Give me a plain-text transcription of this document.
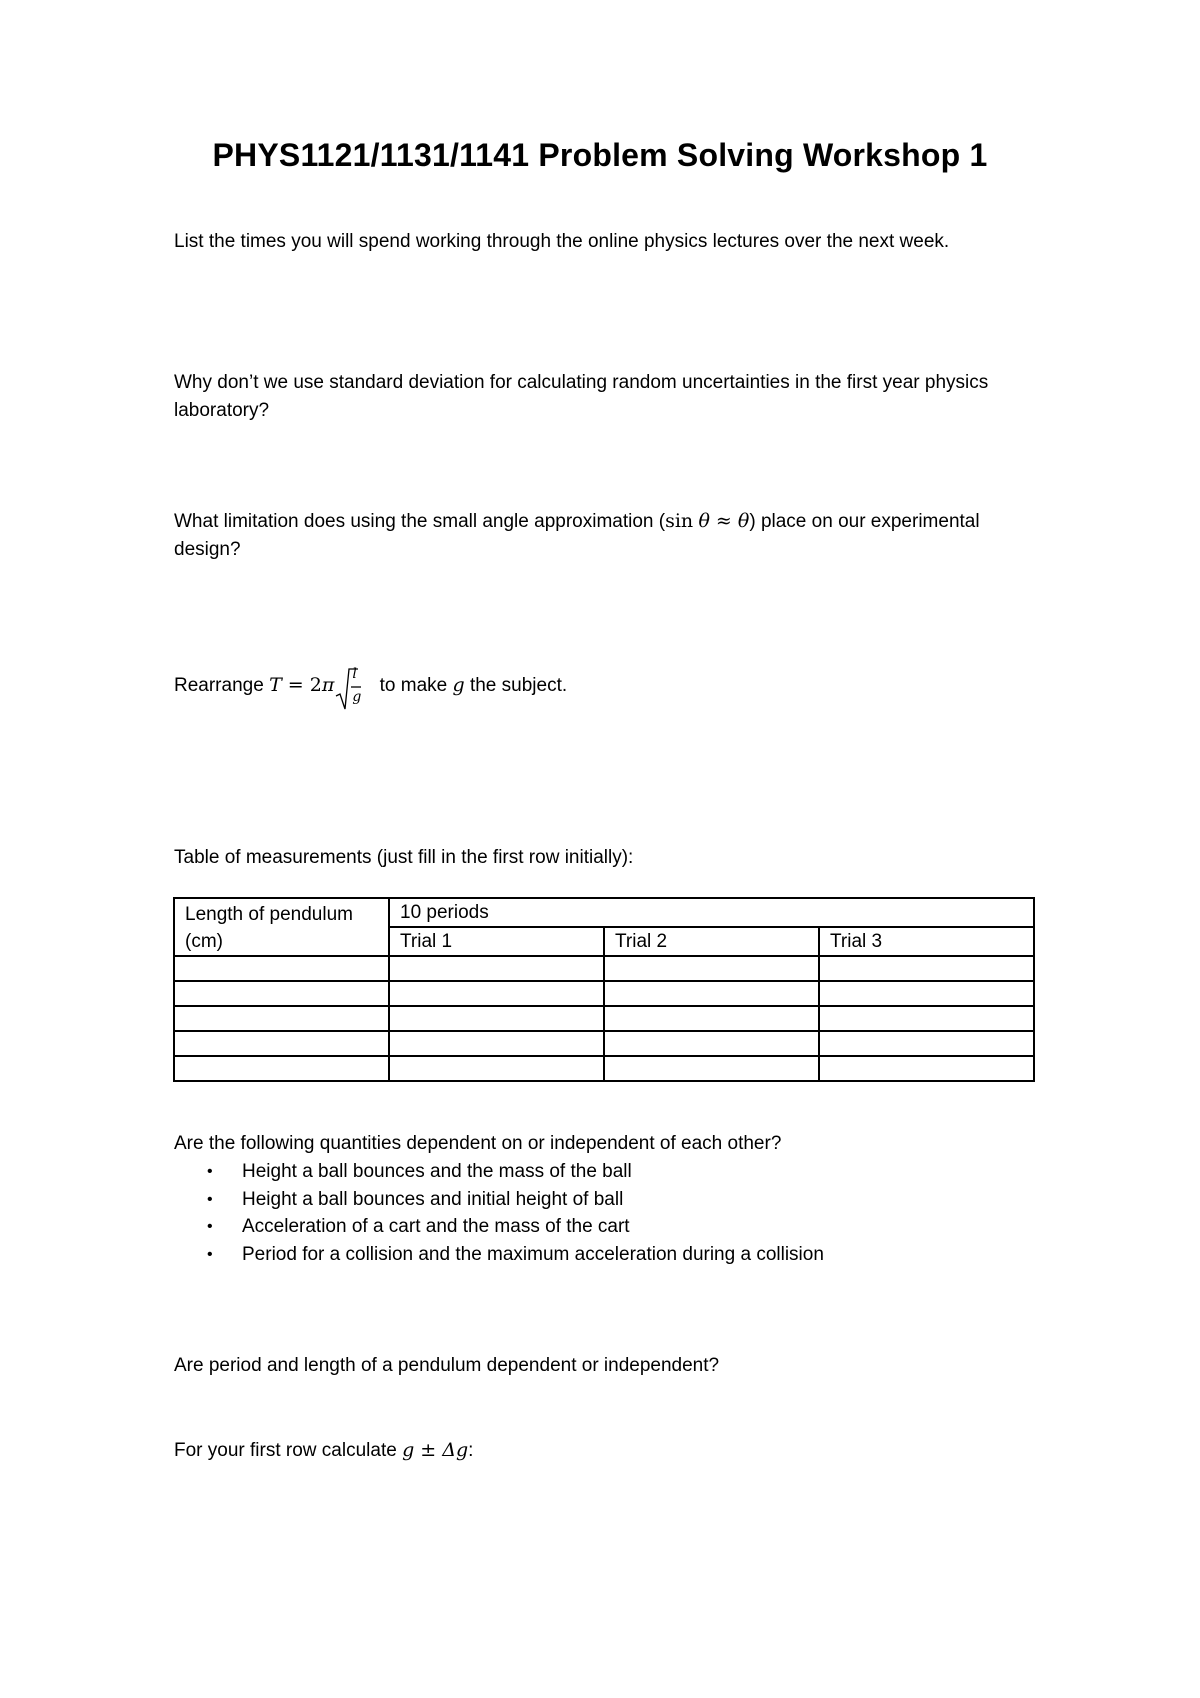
PHYS1121/1131/1141 Problem Solving Workshop 1
List the times you will spend working through the online physics lectures over the next week.
Why don’t we use standard deviation for calculating random uncertainties in the first year physics laboratory?
What limitation does using the small angle approximation (sin θ ≈ θ) place on our experimental design?
Rearrange T = 2π l
g
to make g the subject.
Table of measurements (just fill in the first row initially):
Length of pendulum (cm)	10 periods		
	Trial 1	Trial 2	Trial 3

Are the following quantities dependent on or independent of each other?
• Height a ball bounces and the mass of the ball
• Height a ball bounces and initial height of ball
• Acceleration of a cart and the mass of the cart
• Period for a collision and the maximum acceleration during a collision
Are period and length of a pendulum dependent or independent?
For your first row calculate g ± Δg:
